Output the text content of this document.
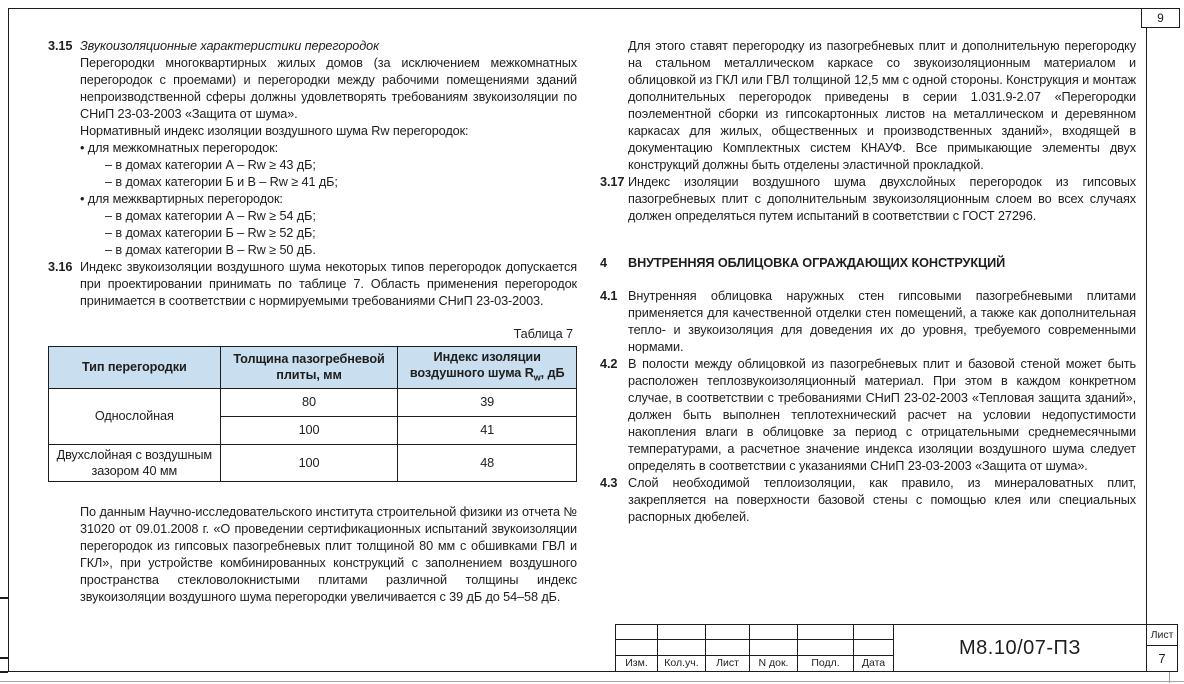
9
3.15 Звукоизоляционные характеристики перегородок
Перегородки многоквартирных жилых домов (за исключением межкомнатных перегородок с проемами) и перегородки между рабочими помещениями зданий непроизводственной сферы должны удовлетворять требованиям звукоизоляции по СНиП 23-03-2003 «Защита от шума».
Нормативный индекс изоляции воздушного шума Rw перегородок:
• для межкомнатных перегородок:
– в домах категории А – Rw ≥ 43 дБ;
– в домах категории Б и В – Rw ≥ 41 дБ;
• для межквартирных перегородок:
– в домах категории А – Rw ≥ 54 дБ;
– в домах категории Б – Rw ≥ 52 дБ;
– в домах категории В – Rw ≥ 50 дБ.
3.16 Индекс звукоизоляции воздушного шума некоторых типов перегородок допускается при проектировании принимать по таблице 7. Область применения перегородок принимается в соответствии с нормируемыми требованиями СНиП 23-03-2003.
Таблица 7
Тип перегородки	Толщина пазогребневой плиты, мм	Индекс изоляции воздушного шума $R_w$, дБ
Однослойная	80	39
	100	41
Двухслойная с воздушным зазором 40 мм	100	48
По данным Научно-исследовательского института строительной физики из отчета № 31020 от 09.01.2008 г. «О проведении сертификационных испытаний звукоизоляции перегородок из гипсовых пазогребневых плит толщиной 80 мм с обшивками ГВЛ и ГКЛ», при устройстве комбинированных конструкций с заполнением воздушного пространства стекловолокнистыми плитами различной толщины индекс звукоизоляции воздушного шума перегородки увеличивается с 39 дБ до 54–58 дБ.
Для этого ставят перегородку из пазогребневых плит и дополнительную перегородку на стальном металлическом каркасе со звукоизоляционным материалом и облицовкой из ГКЛ или ГВЛ толщиной 12,5 мм с одной стороны. Конструкция и монтаж дополнительных перегородок приведены в серии 1.031.9-2.07 «Перегородки поэлементной сборки из гипсокартонных листов на металлическом и деревянном каркасах для жилых, общественных и производственных зданий», входящей в документацию Комплектных систем КНАУФ. Все примыкающие элементы двух конструкций должны быть отделены эластичной прокладкой.
3.17 Индекс изоляции воздушного шума двухслойных перегородок из гипсовых пазогребневых плит с дополнительным звукоизоляционным слоем во всех случаях должен определяться путем испытаний в соответствии с ГОСТ 27296.
4	ВНУТРЕННЯЯ ОБЛИЦОВКА ОГРАЖДАЮЩИХ КОНСТРУКЦИЙ
4.1 Внутренняя облицовка наружных стен гипсовыми пазогребневыми плитами применяется для качественной отделки стен помещений, а также как дополнительная тепло- и звукоизоляция для доведения их до уровня, требуемого современными нормами.
4.2 В полости между облицовкой из пазогребневых плит и базовой стеной может быть расположен теплозвукоизоляционный материал. При этом в каждом конкретном случае, в соответствии с требованиями СНиП 23-02-2003 «Тепловая защита зданий», должен быть выполнен теплотехнический расчет на условии недопустимости накопления влаги в облицовке за период с отрицательными среднемесячными температурами, а расчетное значение индекса изоляции воздушного шума следует определять в соответствии с указаниями СНиП 23-03-2003 «Защита от шума».
4.3 Слой необходимой теплоизоляции, как правило, из минераловатных плит, закрепляется на поверхности базовой стены с помощью клея или специальных распорных дюбелей.
Изм.	Кол.уч.	Лист	N док.	Подл.	Дата
М8.10/07-ПЗ
Лист
7
